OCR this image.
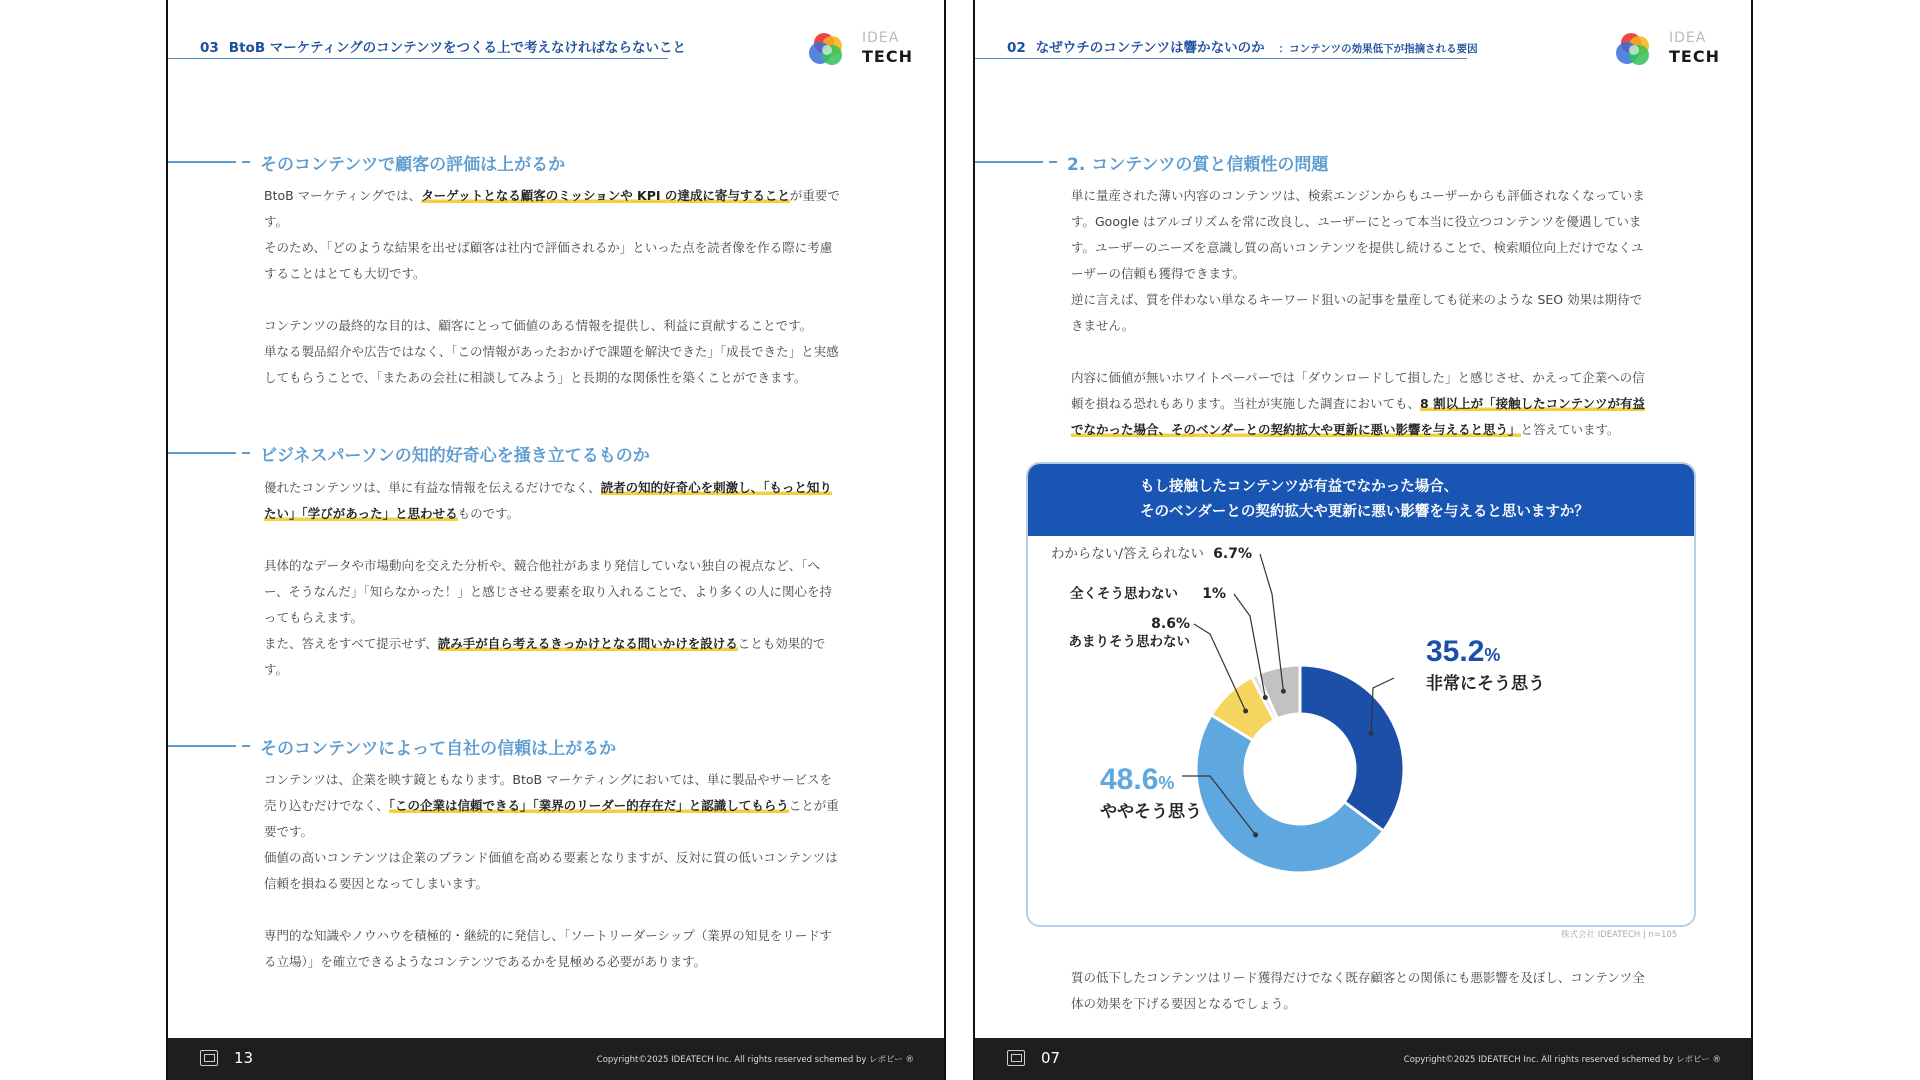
03 BtoB マーケティングのコンテンツをつくる上で考えなければならないこと
IDEA
TECH
そのコンテンツで顧客の評価は上がるか
BtoB マーケティングでは、ターゲットとなる顧客のミッションや KPI の達成に寄与することが重要です。
そのため、「どのような結果を出せば顧客は社内で評価されるか」といった点を読者像を作る際に考慮することはとても大切です。
コンテンツの最終的な目的は、顧客にとって価値のある情報を提供し、利益に貢献することです。
単なる製品紹介や広告ではなく、「この情報があったおかげで課題を解決できた」「成長できた」と実感してもらうことで、「またあの会社に相談してみよう」と長期的な関係性を築くことができます。
ビジネスパーソンの知的好奇心を掻き立てるものか
優れたコンテンツは、単に有益な情報を伝えるだけでなく、読者の知的好奇心を刺激し、「もっと知りたい」「学びがあった」と思わせるものです。
具体的なデータや市場動向を交えた分析や、競合他社があまり発信していない独自の視点など、「へー、そうなんだ」「知らなかった！」と感じさせる要素を取り入れることで、より多くの人に関心を持ってもらえます。
また、答えをすべて提示せず、読み手が自ら考えるきっかけとなる問いかけを設けることも効果的です。
そのコンテンツによって自社の信頼は上がるか
コンテンツは、企業を映す鏡ともなります。BtoB マーケティングにおいては、単に製品やサービスを売り込むだけでなく、「この企業は信頼できる」「業界のリーダー的存在だ」と認識してもらうことが重要です。
価値の高いコンテンツは企業のブランド価値を高める要素となりますが、反対に質の低いコンテンツは信頼を損ねる要因となってしまいます。
専門的な知識やノウハウを積極的・継続的に発信し、「ソートリーダーシップ（業界の知見をリードする立場）」を確立できるようなコンテンツであるかを見極める必要があります。
13	Copyright©2025 IDEATECH Inc. All rights reserved schemed by レポピー ®
02 なぜウチのコンテンツは響かないのか ：コンテンツの効果低下が指摘される要因
IDEA
TECH
2. コンテンツの質と信頼性の問題
単に量産された薄い内容のコンテンツは、検索エンジンからもユーザーからも評価されなくなっています。Google はアルゴリズムを常に改良し、ユーザーにとって本当に役立つコンテンツを優遇しています。ユーザーのニーズを意識し質の高いコンテンツを提供し続けることで、検索順位向上だけでなくユーザーの信頼も獲得できます。
逆に言えば、質を伴わない単なるキーワード狙いの記事を量産しても従来のような SEO 効果は期待できません。
内容に価値が無いホワイトペーパーでは「ダウンロードして損した」と感じさせ、かえって企業への信頼を損ねる恐れもあります。当社が実施した調査においても、8 割以上が「接触したコンテンツが有益でなかった場合、そのベンダーとの契約拡大や更新に悪い影響を与えると思う」と答えています。
もし接触したコンテンツが有益でなかった場合、
そのベンダーとの契約拡大や更新に悪い影響を与えると思いますか？
35.2%
非常にそう思う
48.6%
ややそう思う
8.6%
あまりそう思わない
全くそう思わない 1%
わからない/答えられない 6.7%
株式会社 IDEATECH | n=105
質の低下したコンテンツはリード獲得だけでなく既存顧客との関係にも悪影響を及ぼし、コンテンツ全体の効果を下げる要因となるでしょう。
07	Copyright©2025 IDEATECH Inc. All rights reserved schemed by レポピー ®
